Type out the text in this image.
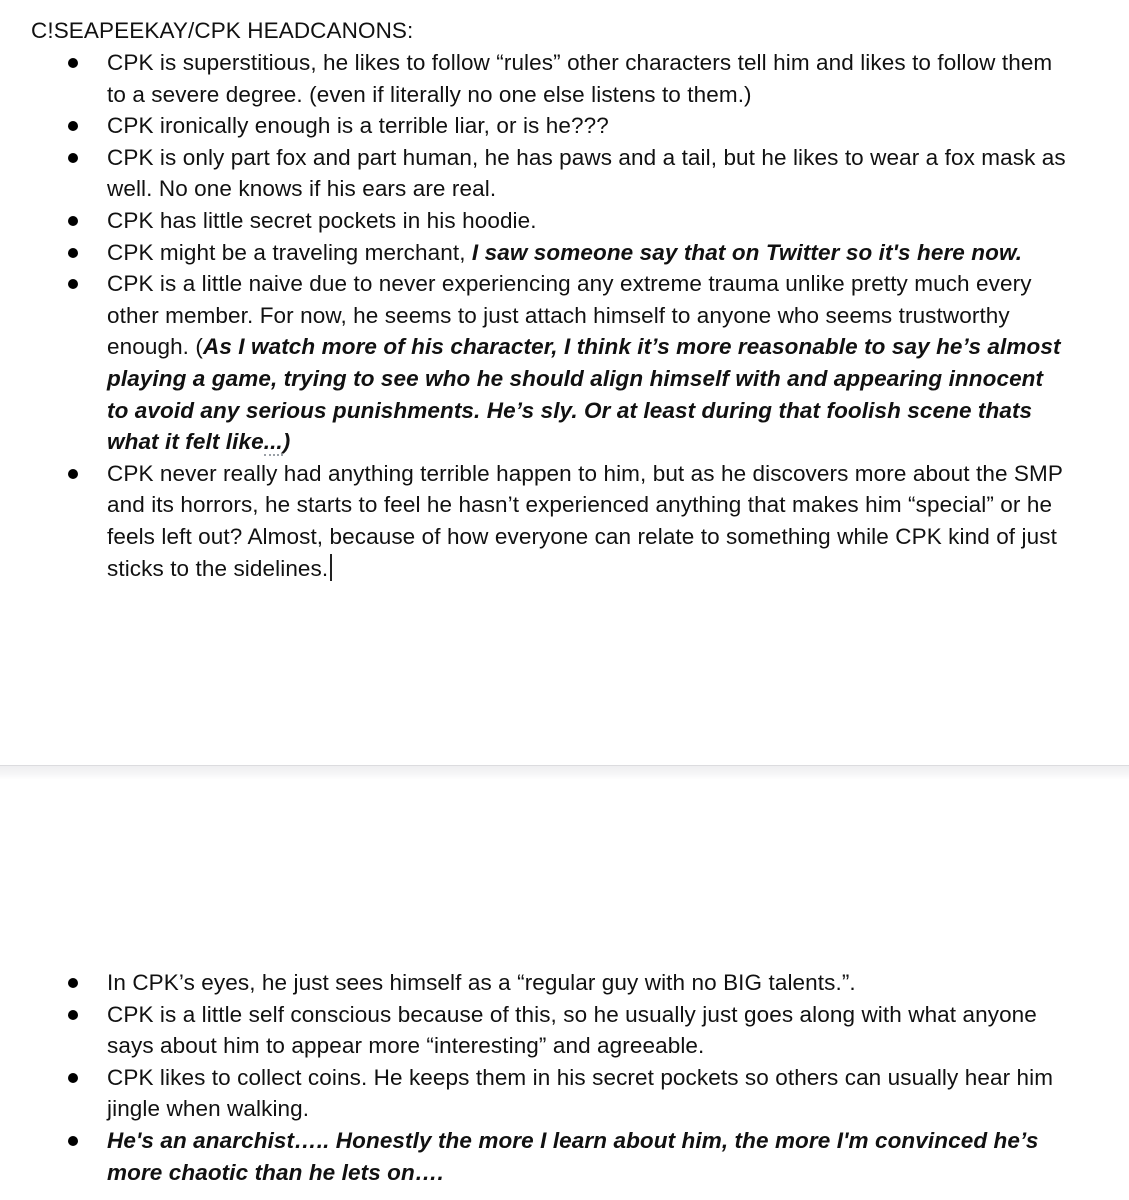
C!SEAPEEKAY/CPK HEADCANONS:
CPK is superstitious, he likes to follow “rules” other characters tell him and likes to follow them to a severe degree. (even if literally no one else listens to them.)
CPK ironically enough is a terrible liar, or is he???
CPK is only part fox and part human, he has paws and a tail, but he likes to wear a fox mask as well. No one knows if his ears are real.
CPK has little secret pockets in his hoodie.
CPK might be a traveling merchant, I saw someone say that on Twitter so it's here now.
CPK is a little naive due to never experiencing any extreme trauma unlike pretty much every other member. For now, he seems to just attach himself to anyone who seems trustworthy enough. (As I watch more of his character, I think it’s more reasonable to say he’s almost playing a game, trying to see who he should align himself with and appearing innocent to avoid any serious punishments. He’s sly. Or at least during that foolish scene thats what it felt like...)
CPK never really had anything terrible happen to him, but as he discovers more about the SMP and its horrors, he starts to feel he hasn’t experienced anything that makes him “special” or he feels left out? Almost, because of how everyone can relate to something while CPK kind of just sticks to the sidelines.
In CPK’s eyes, he just sees himself as a “regular guy with no BIG talents.”.
CPK is a little self conscious because of this, so he usually just goes along with what anyone says about him to appear more “interesting” and agreeable.
CPK likes to collect coins. He keeps them in his secret pockets so others can usually hear him jingle when walking.
He's an anarchist….. Honestly the more I learn about him, the more I'm convinced he’s more chaotic than he lets on….
